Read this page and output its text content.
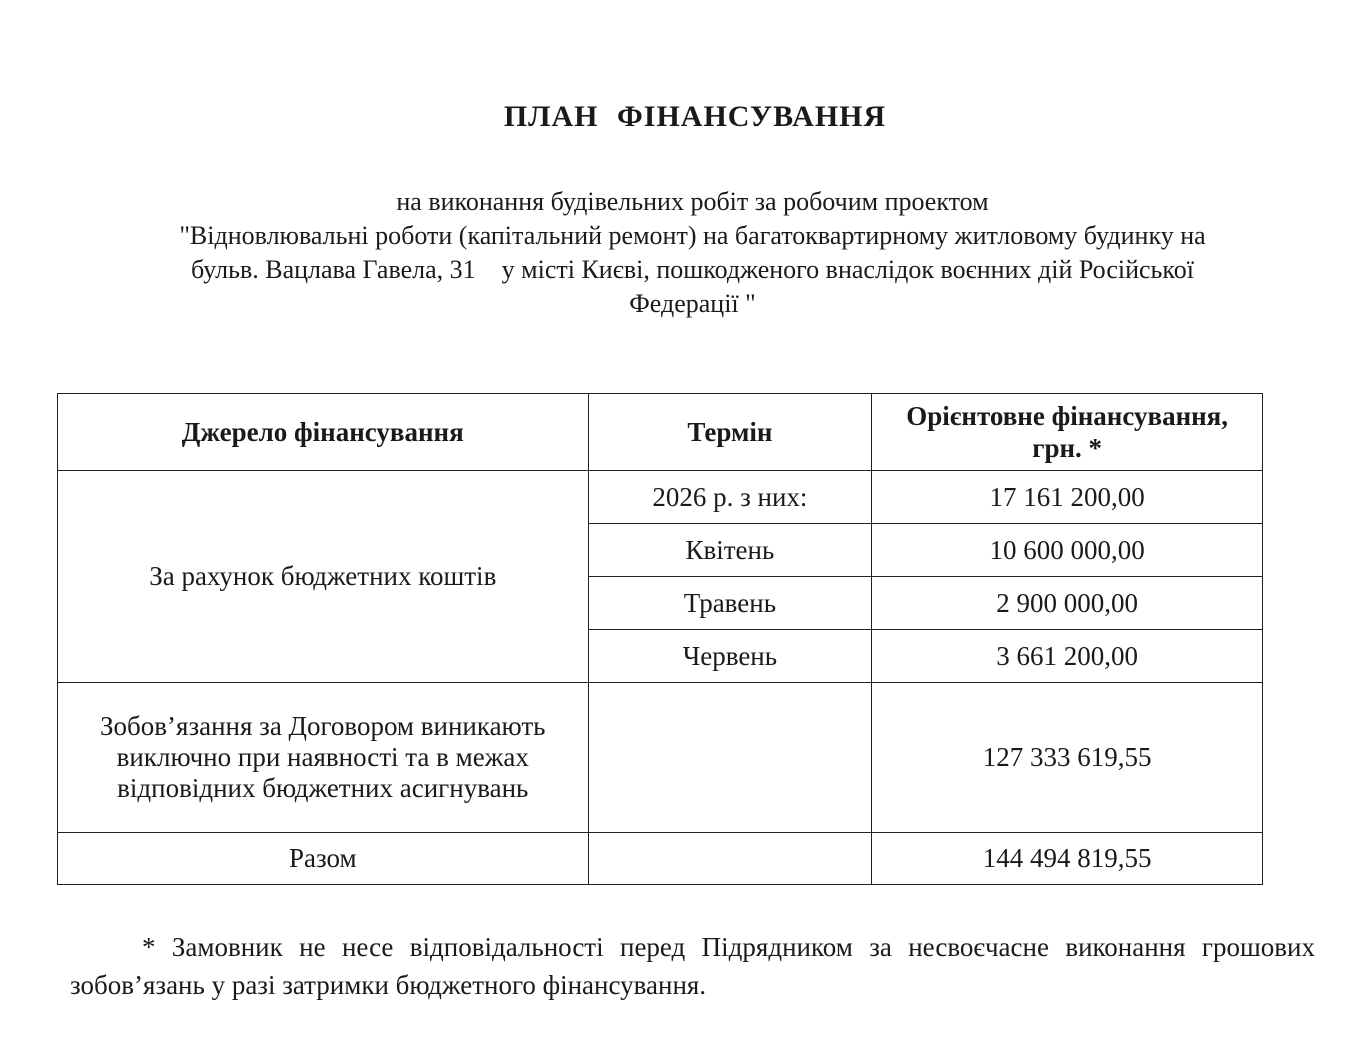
ПЛАН ФІНАНСУВАННЯ
на виконання будівельних робіт за робочим проектом
"Відновлювальні роботи (капітальний ремонт) на багатоквартирному житловому будинку на
бульв. Вацлава Гавела, 31    у місті Києві, пошкодженого внаслідок воєнних дій Російської
Федерації "
Джерело фінансування	Термін	Орієнтовне фінансування, грн. *
За рахунок бюджетних коштів	2026 р. з них:	17 161 200,00
	Квітень	10 600 000,00
	Травень	2 900 000,00
	Червень	3 661 200,00
Зобов’язання за Договором виникають виключно при наявності та в межах відповідних бюджетних асигнувань		127 333 619,55
Разом		144 494 819,55
* Замовник не несе відповідальності перед Підрядником за несвоєчасне виконання грошових зобов’язань у разі затримки бюджетного фінансування.
